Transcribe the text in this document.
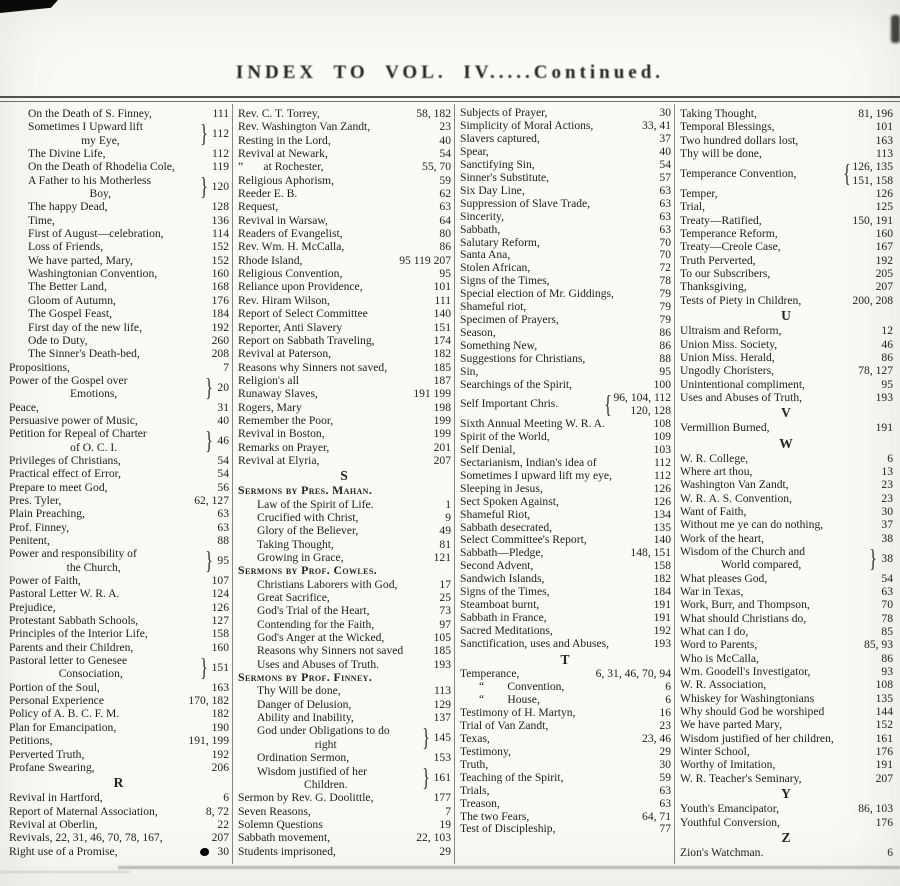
INDEX TO VOL. IV.....Continued.
On the Death of S. Finney,	111
Sometimes I Upward lift
my Eye,	} 112
The Divine Life,	112
On the Death of Rhodelia Cole,	119
A Father to his Motherless
Boy,	} 120
The happy Dead,	128
Time,	136
First of August—celebration,	114
Loss of Friends,	152
We have parted, Mary,	152
Washingtonian Convention,	160
The Better Land,	168
Gloom of Autumn,	176
The Gospel Feast,	184
First day of the new life,	192
Ode to Duty,	260
The Sinner's Death-bed,	208
Propositions,	7
Power of the Gospel over
Emotions,	} 20
Peace,	31
Persuasive power of Music,	40
Petition for Repeal of Charter
of O. C. I.	} 46
Privileges of Christians,	54
Practical effect of Error,	54
Prepare to meet God,	56
Pres. Tyler,	62, 127
Plain Preaching,	63
Prof. Finney,	63
Penitent,	88
Power and responsibility of
the Church,	} 95
Power of Faith,	107
Pastoral Letter W. R. A.	124
Prejudice,	126
Protestant Sabbath Schools,	127
Principles of the Interior Life,	158
Parents and their Children,	160
Pastoral letter to Genesee
Consociation,	} 151
Portion of the Soul,	163
Personal Experience	170, 182
Policy of A. B. C. F. M.	182
Plan for Emancipation,	190
Petitions,	191, 199
Perverted Truth,	192
Profane Swearing,	206
R
Revival in Hartford,	6
Report of Maternal Association,	8, 72
Revival at Oberlin,	22
Revivals, 22, 31, 46, 70, 78, 167,	207
Right use of a Promise,	30
Rev. C. T. Torrey,	58, 182
Rev. Washington Van Zandt,	23
Resting in the Lord,	40
Revival at Newark,	54
”       at Rochester,	55, 70
Religious Aphorism,	59
Reeder E. B.	62
Request,	63
Revival in Warsaw,	64
Readers of Evangelist,	80
Rev. Wm. H. McCalla,	86
Rhode Island,	95 119 207
Religious Convention,	95
Reliance upon Providence,	101
Rev. Hiram Wilson,	111
Report of Select Committee	140
Reporter, Anti Slavery	151
Report on Sabbath Traveling,	174
Revival at Paterson,	182
Reasons why Sinners not saved,	185
Religion's all	187
Runaway Slaves,	191 199
Rogers, Mary	198
Remember the Poor,	199
Revival in Boston,	199
Remarks on Prayer,	201
Revival at Elyria,	207
S
Sermons by Pres. Mahan.
Law of the Spirit of Life.	1
Crucified with Christ,	9
Glory of the Believer,	49
Taking Thought,	81
Growing in Grace,	121
Sermons by Prof. Cowles.
Christians Laborers with God,	17
Great Sacrifice,	25
God's Trial of the Heart,	73
Contending for the Faith,	97
God's Anger at the Wicked,	105
Reasons why Sinners not saved	185
Uses and Abuses of Truth.	193
Sermons by Prof. Finney.
Thy Will be done,	113
Danger of Delusion,	129
Ability and Inability,	137
God under Obligations to do
right	} 145
Ordination Sermon,	153
Wisdom justified of her
Children.	} 161
Sermon by Rev. G. Doolittle,	177
Seven Reasons,	7
Solemn Questions	19
Sabbath movement,	22, 103
Students imprisoned,	29
Subjects of Prayer,	30
Simplicity of Moral Actions,	33, 41
Slavers captured,	37
Spear,	40
Sanctifying Sin,	54
Sinner's Substitute,	57
Six Day Line,	63
Suppression of Slave Trade,	63
Sincerity,	63
Sabbath,	63
Salutary Reform,	70
Santa Ana,	70
Stolen African,	72
Signs of the Times,	78
Special election of Mr. Giddings,	79
Shameful riot,	79
Specimen of Prayers,	79
Season,	86
Something New,	86
Suggestions for Christians,	88
Sin,	95
Searchings of the Spirit,	100
Self Important Chris.	{ 96, 104, 112
120, 128
Sixth Annual Meeting W. R. A.	108
Spirit of the World,	109
Self Denial,	103
Sectarianism, Indian's idea of	112
Sometimes I upward lift my eye,	112
Sleeping in Jesus,	126
Sect Spoken Against,	126
Shameful Riot,	134
Sabbath desecrated,	135
Select Committee's Report,	140
Sabbath—Pledge,	148, 151
Second Advent,	158
Sandwich Islands,	182
Signs of the Times,	184
Steamboat burnt,	191
Sabbath in France,	191
Sacred Meditations,	192
Sanctification, uses and Abuses,	193
T
Temperance,	6, 31, 46, 70, 94
“        Convention,	6
“        House,	6
Testimony of H. Martyn,	16
Trial of Van Zandt,	23
Texas,	23, 46
Testimony,	29
Truth,	30
Teaching of the Spirit,	59
Trials,	63
Treason,	63
The two Fears,	64, 71
Test of Discipleship,	77
Taking Thought,	81, 196
Temporal Blessings,	101
Two hundred dollars lost,	163
Thy will be done,	113
Temperance Convention,	{ 126, 135
151, 158
Temper,	126
Trial,	125
Treaty—Ratified,	150, 191
Temperance Reform,	160
Treaty—Creole Case,	167
Truth Perverted,	192
To our Subscribers,	205
Thanksgiving,	207
Tests of Piety in Children,	200, 208
U
Ultraism and Reform,	12
Union Miss. Society,	46
Union Miss. Herald,	86
Ungodly Choristers,	78, 127
Unintentional compliment,	95
Uses and Abuses of Truth,	193
V
Vermillion Burned,	191
W
W. R. College,	6
Where art thou,	13
Washington Van Zandt,	23
W. R. A. S. Convention,	23
Want of Faith,	30
Without me ye can do nothing,	37
Work of the heart,	38
Wisdom of the Church and
World compared,	} 38
What pleases God,	54
War in Texas,	63
Work, Burr, and Thompson,	70
What should Christians do,	78
What can I do,	85
Word to Parents,	85, 93
Who is McCalla,	86
Wm. Goodell's Investigator,	93
W. R. Association,	108
Whiskey for Washingtonians	135
Why should God be worshiped	144
We have parted Mary,	152
Wisdom justified of her children,	161
Winter School,	176
Worthy of Imitation,	191
W. R. Teacher's Seminary,	207
Y
Youth's Emancipator,	86, 103
Youthful Conversion,	176
Z
Zion's Watchman.	6
